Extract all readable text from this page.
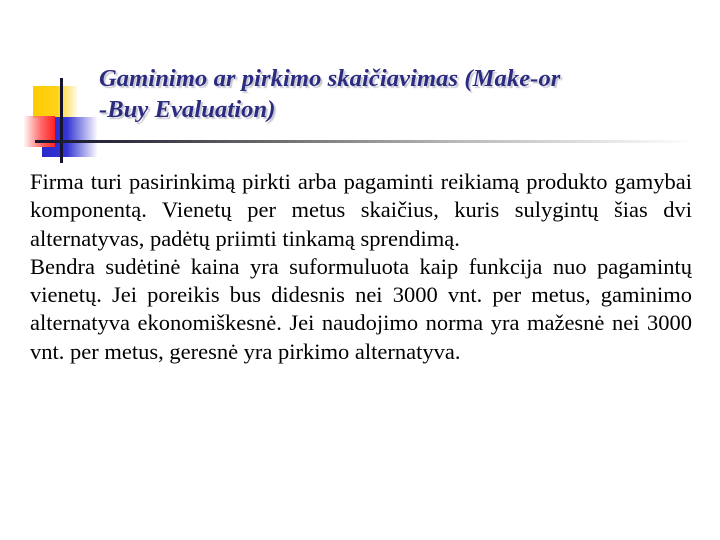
Gaminimo ar pirkimo skaičiavimas (Make-or
-Buy Evaluation)

Firma turi pasirinkimą pirkti arba pagaminti reikiamą produkto gamybai komponentą. Vienetų per metus skaičius, kuris sulygintų šias dvi alternatyvas, padėtų priimti tinkamą sprendimą.

Bendra sudėtinė kaina yra suformuluota kaip funkcija nuo pagamintų vienetų. Jei poreikis bus didesnis nei 3000 vnt. per metus, gaminimo alternatyva ekonomiškesnė. Jei naudojimo norma yra mažesnė nei 3000 vnt. per metus, geresnė yra pirkimo alternatyva.
